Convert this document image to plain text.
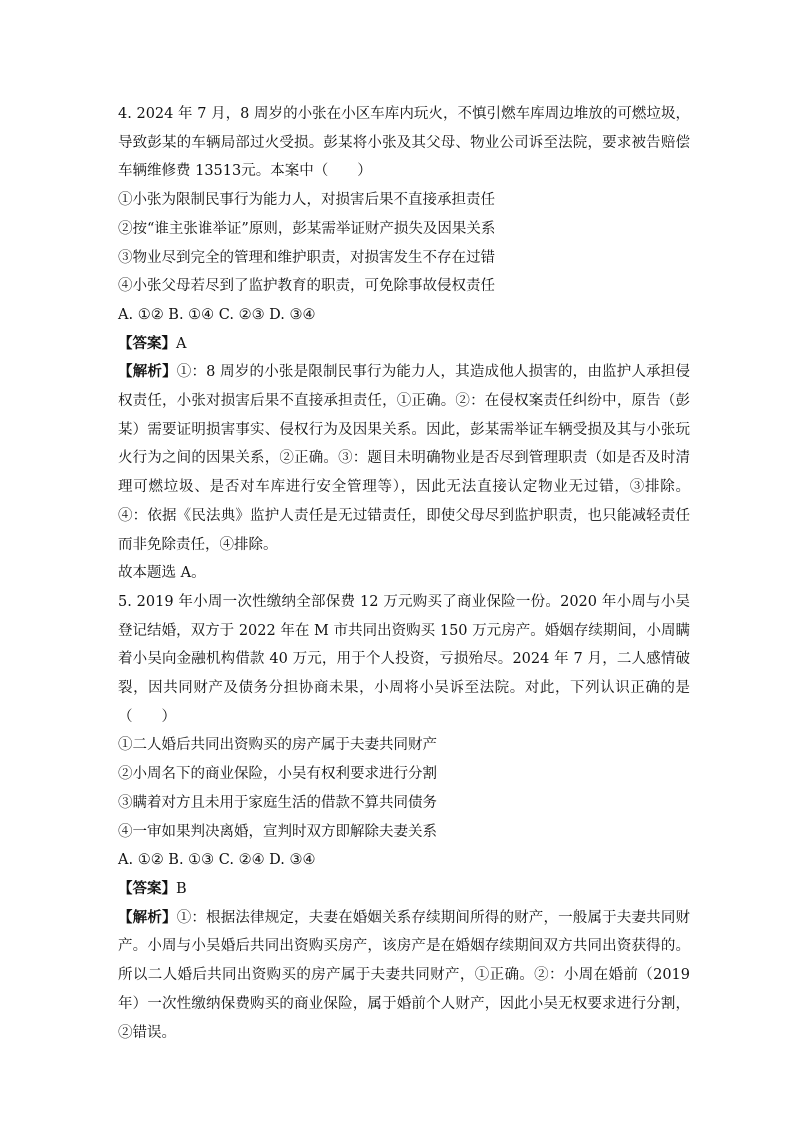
4. 2024 年 7 月，8 周岁的小张在小区车库内玩火，不慎引燃车库周边堆放的可燃垃圾，导致彭某的车辆局部过火受损。彭某将小张及其父母、物业公司诉至法院，要求被告赔偿车辆维修费 13513元。本案中（　　）

①小张为限制民事行为能力人，对损害后果不直接承担责任

②按“谁主张谁举证”原则，彭某需举证财产损失及因果关系

③物业尽到完全的管理和维护职责，对损害发生不存在过错

④小张父母若尽到了监护教育的职责，可免除事故侵权责任

A. ①② B. ①④ C. ②③ D. ③④

【答案】A

【解析】①：8 周岁的小张是限制民事行为能力人，其造成他人损害的，由监护人承担侵权责任，小张对损害后果不直接承担责任，①正确。②：在侵权案责任纠纷中，原告（彭某）需要证明损害事实、侵权行为及因果关系。因此，彭某需举证车辆受损及其与小张玩火行为之间的因果关系，②正确。③：题目未明确物业是否尽到管理职责（如是否及时清理可燃垃圾、是否对车库进行安全管理等），因此无法直接认定物业无过错，③排除。④：依据《民法典》监护人责任是无过错责任，即使父母尽到监护职责，也只能减轻责任而非免除责任，④排除。

故本题选 A。

5. 2019 年小周一次性缴纳全部保费 12 万元购买了商业保险一份。2020 年小周与小吴登记结婚，双方于 2022 年在 M 市共同出资购买 150 万元房产。婚姻存续期间，小周瞒着小吴向金融机构借款 40 万元，用于个人投资，亏损殆尽。2024 年 7 月，二人感情破裂，因共同财产及债务分担协商未果，小周将小吴诉至法院。对此，下列认识正确的是（　　）

①二人婚后共同出资购买的房产属于夫妻共同财产

②小周名下的商业保险，小吴有权利要求进行分割

③瞒着对方且未用于家庭生活的借款不算共同债务

④一审如果判决离婚，宣判时双方即解除夫妻关系

A. ①② B. ①③ C. ②④ D. ③④

【答案】B

【解析】①：根据法律规定，夫妻在婚姻关系存续期间所得的财产，一般属于夫妻共同财产。小周与小吴婚后共同出资购买房产，该房产是在婚姻存续期间双方共同出资获得的。所以二人婚后共同出资购买的房产属于夫妻共同财产，①正确。②：小周在婚前（2019 年）一次性缴纳保费购买的商业保险，属于婚前个人财产，因此小吴无权要求进行分割，②错误。
